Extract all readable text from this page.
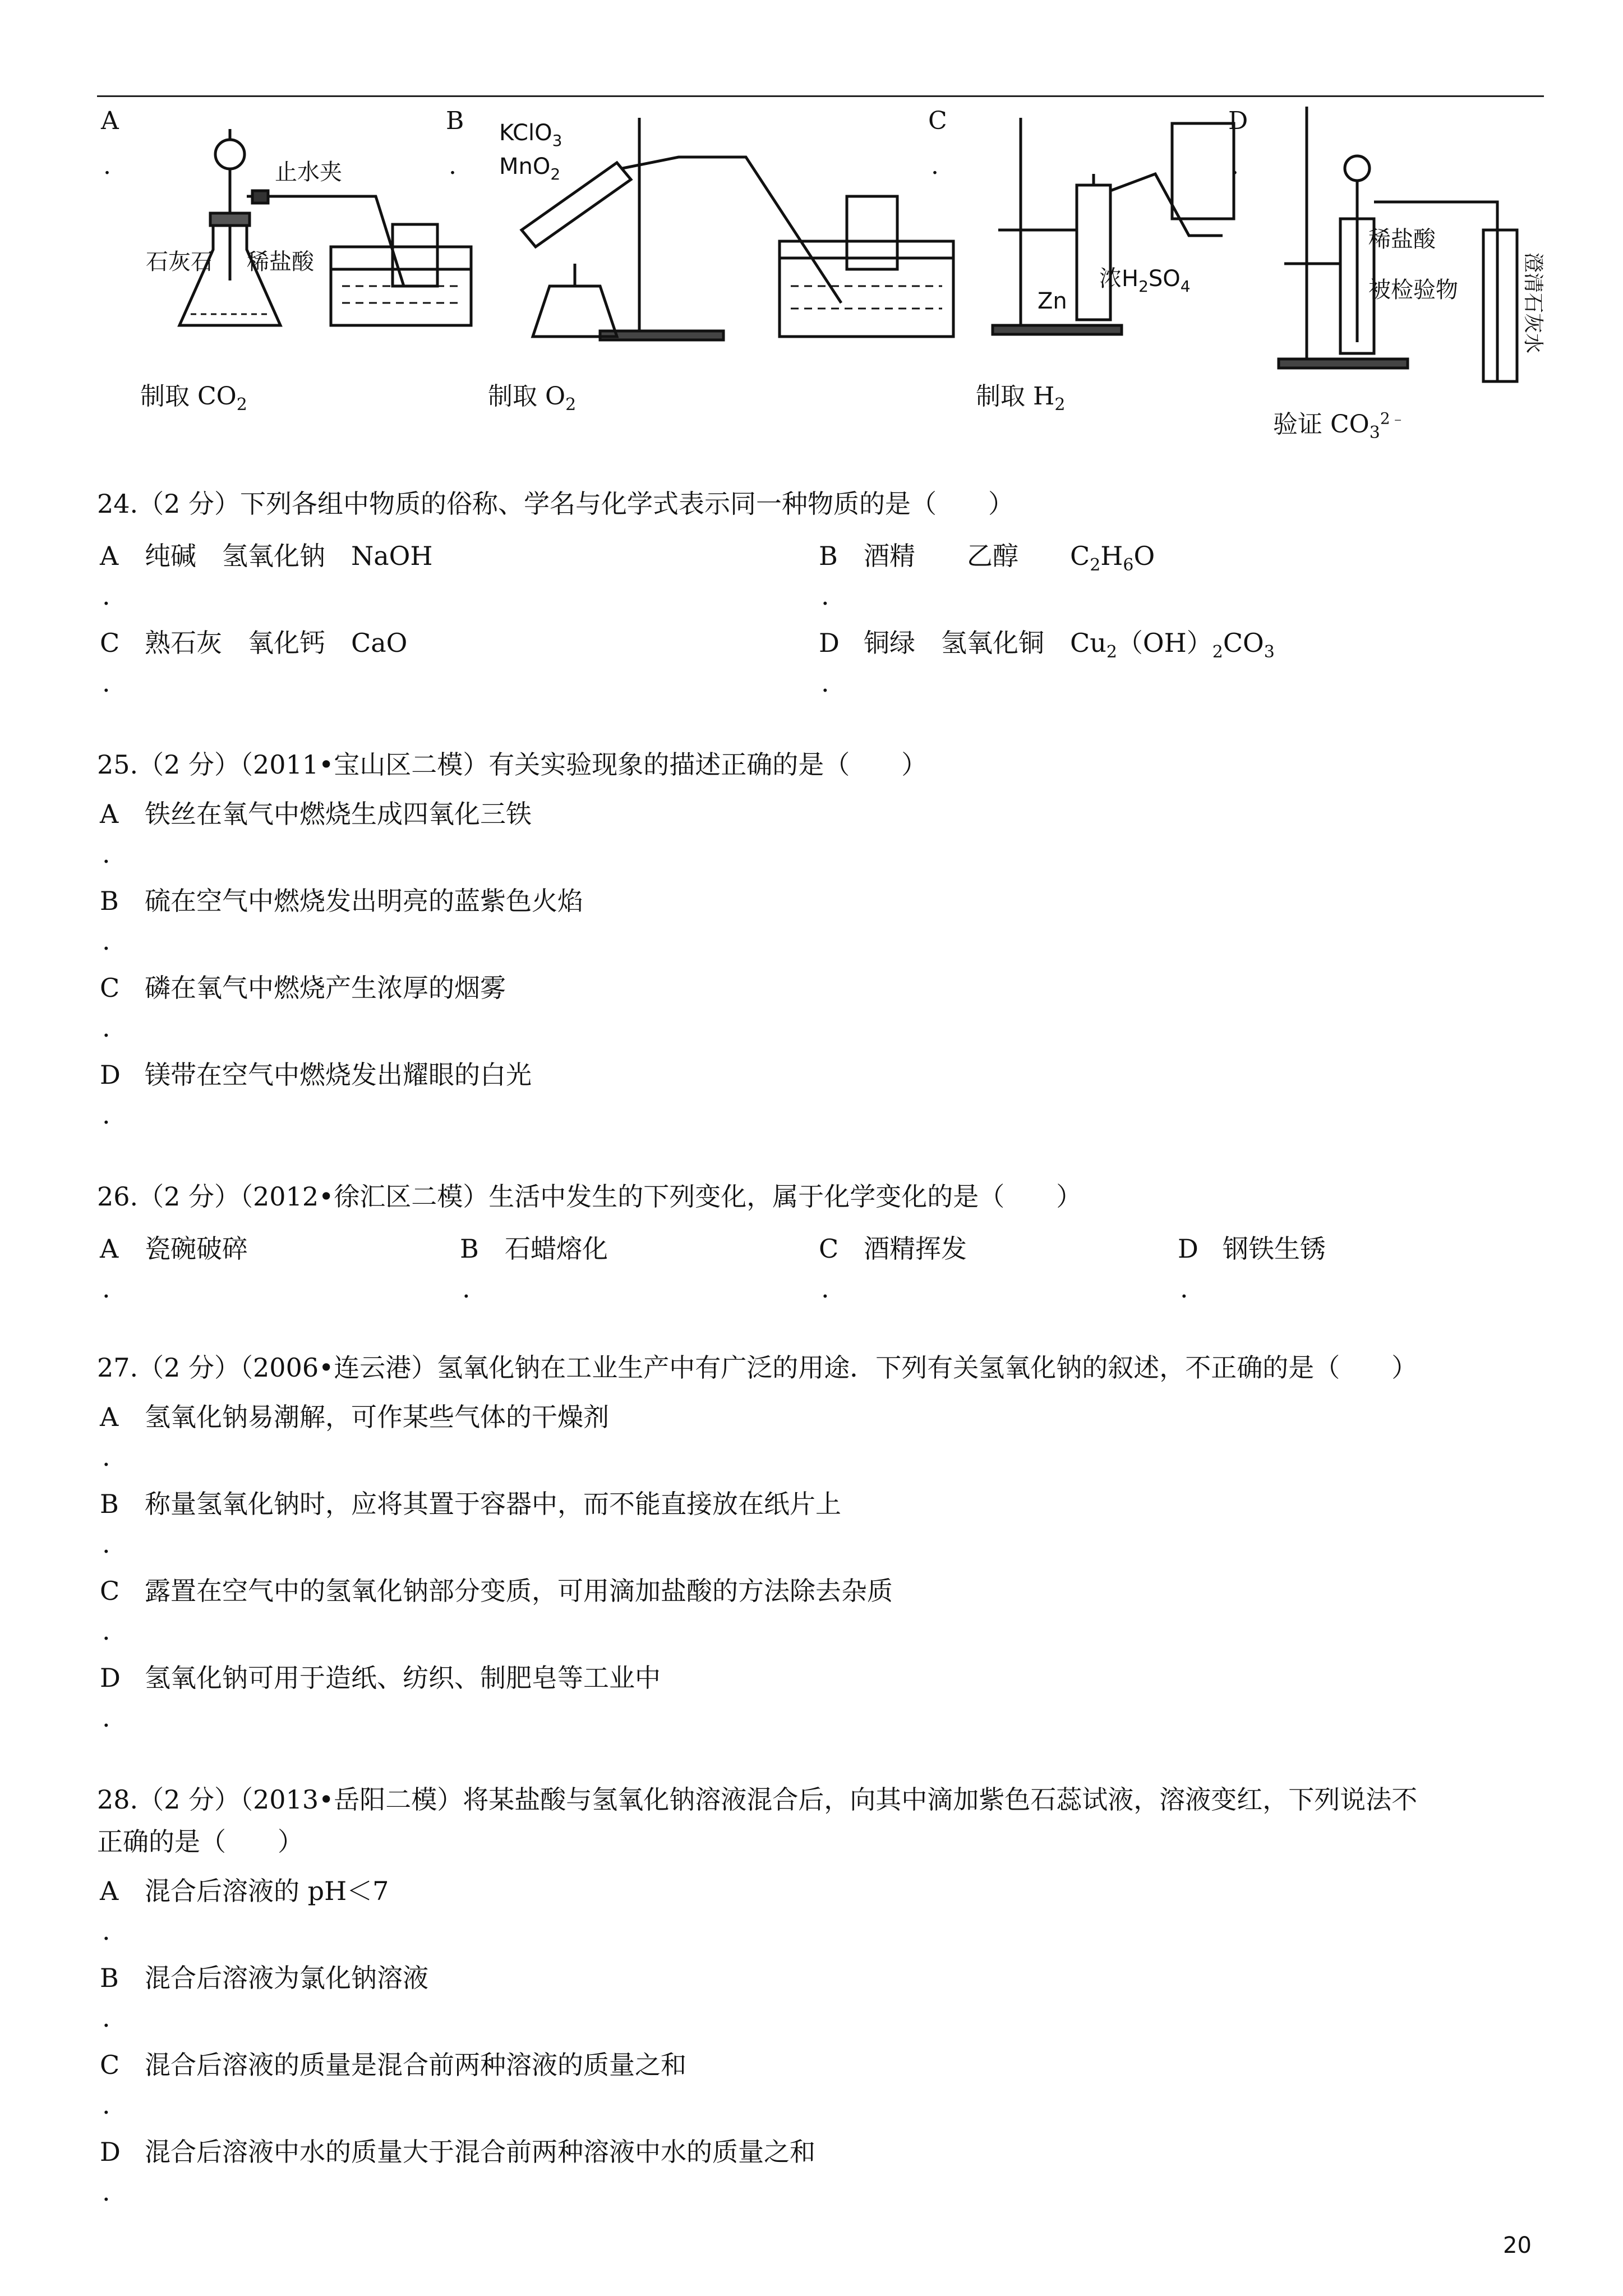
A
.	止水夹
稀盐酸
石灰石
制取 $CO_2$
B
.
KClO$_3$
MnO$_2$
制取 $O_2$
C
.
Zn
浓$H_2SO_4$
制取 $H_2$
D
.
稀盐酸
被检验物	澄清石灰水
验证 $CO_3^{2﹣}$
24.（2 分）下列各组中物质的俗称、学名与化学式表示同一种物质的是（　　）
A 纯碱　氢氧化钠　NaOH
.
B 酒精　　乙醇　　$C_2H_6O$
.
C 熟石灰　氧化钙　CaO
.
D 铜绿　氢氧化铜　$Cu_2(OH)_2CO_3$
.
25.（2 分）（2011•宝山区二模）有关实验现象的描述正确的是（　　）
A 铁丝在氧气中燃烧生成四氧化三铁
.
B 硫在空气中燃烧发出明亮的蓝紫色火焰
.
C 磷在氧气中燃烧产生浓厚的烟雾
.
D 镁带在空气中燃烧发出耀眼的白光
.
26.（2 分）（2012•徐汇区二模）生活中发生的下列变化，属于化学变化的是（　　）
A 瓷碗破碎
.
B 石蜡熔化
.
C 酒精挥发
.
D 钢铁生锈
.
27.（2 分）（2006•连云港）氢氧化钠在工业生产中有广泛的用途．下列有关氢氧化钠的叙述，不正确的是（　　）
A 氢氧化钠易潮解，可作某些气体的干燥剂
.
B 称量氢氧化钠时，应将其置于容器中，而不能直接放在纸片上
.
C 露置在空气中的氢氧化钠部分变质，可用滴加盐酸的方法除去杂质
.
D 氢氧化钠可用于造纸、纺织、制肥皂等工业中
.
28.（2 分）（2013•岳阳二模）将某盐酸与氢氧化钠溶液混合后，向其中滴加紫色石蕊试液，溶液变红，下列说法不
正确的是（　　）
A 混合后溶液的 pH＜7
.
B 混合后溶液为氯化钠溶液
.
C 混合后溶液的质量是混合前两种溶液的质量之和
.
D 混合后溶液中水的质量大于混合前两种溶液中水的质量之和
.
20
